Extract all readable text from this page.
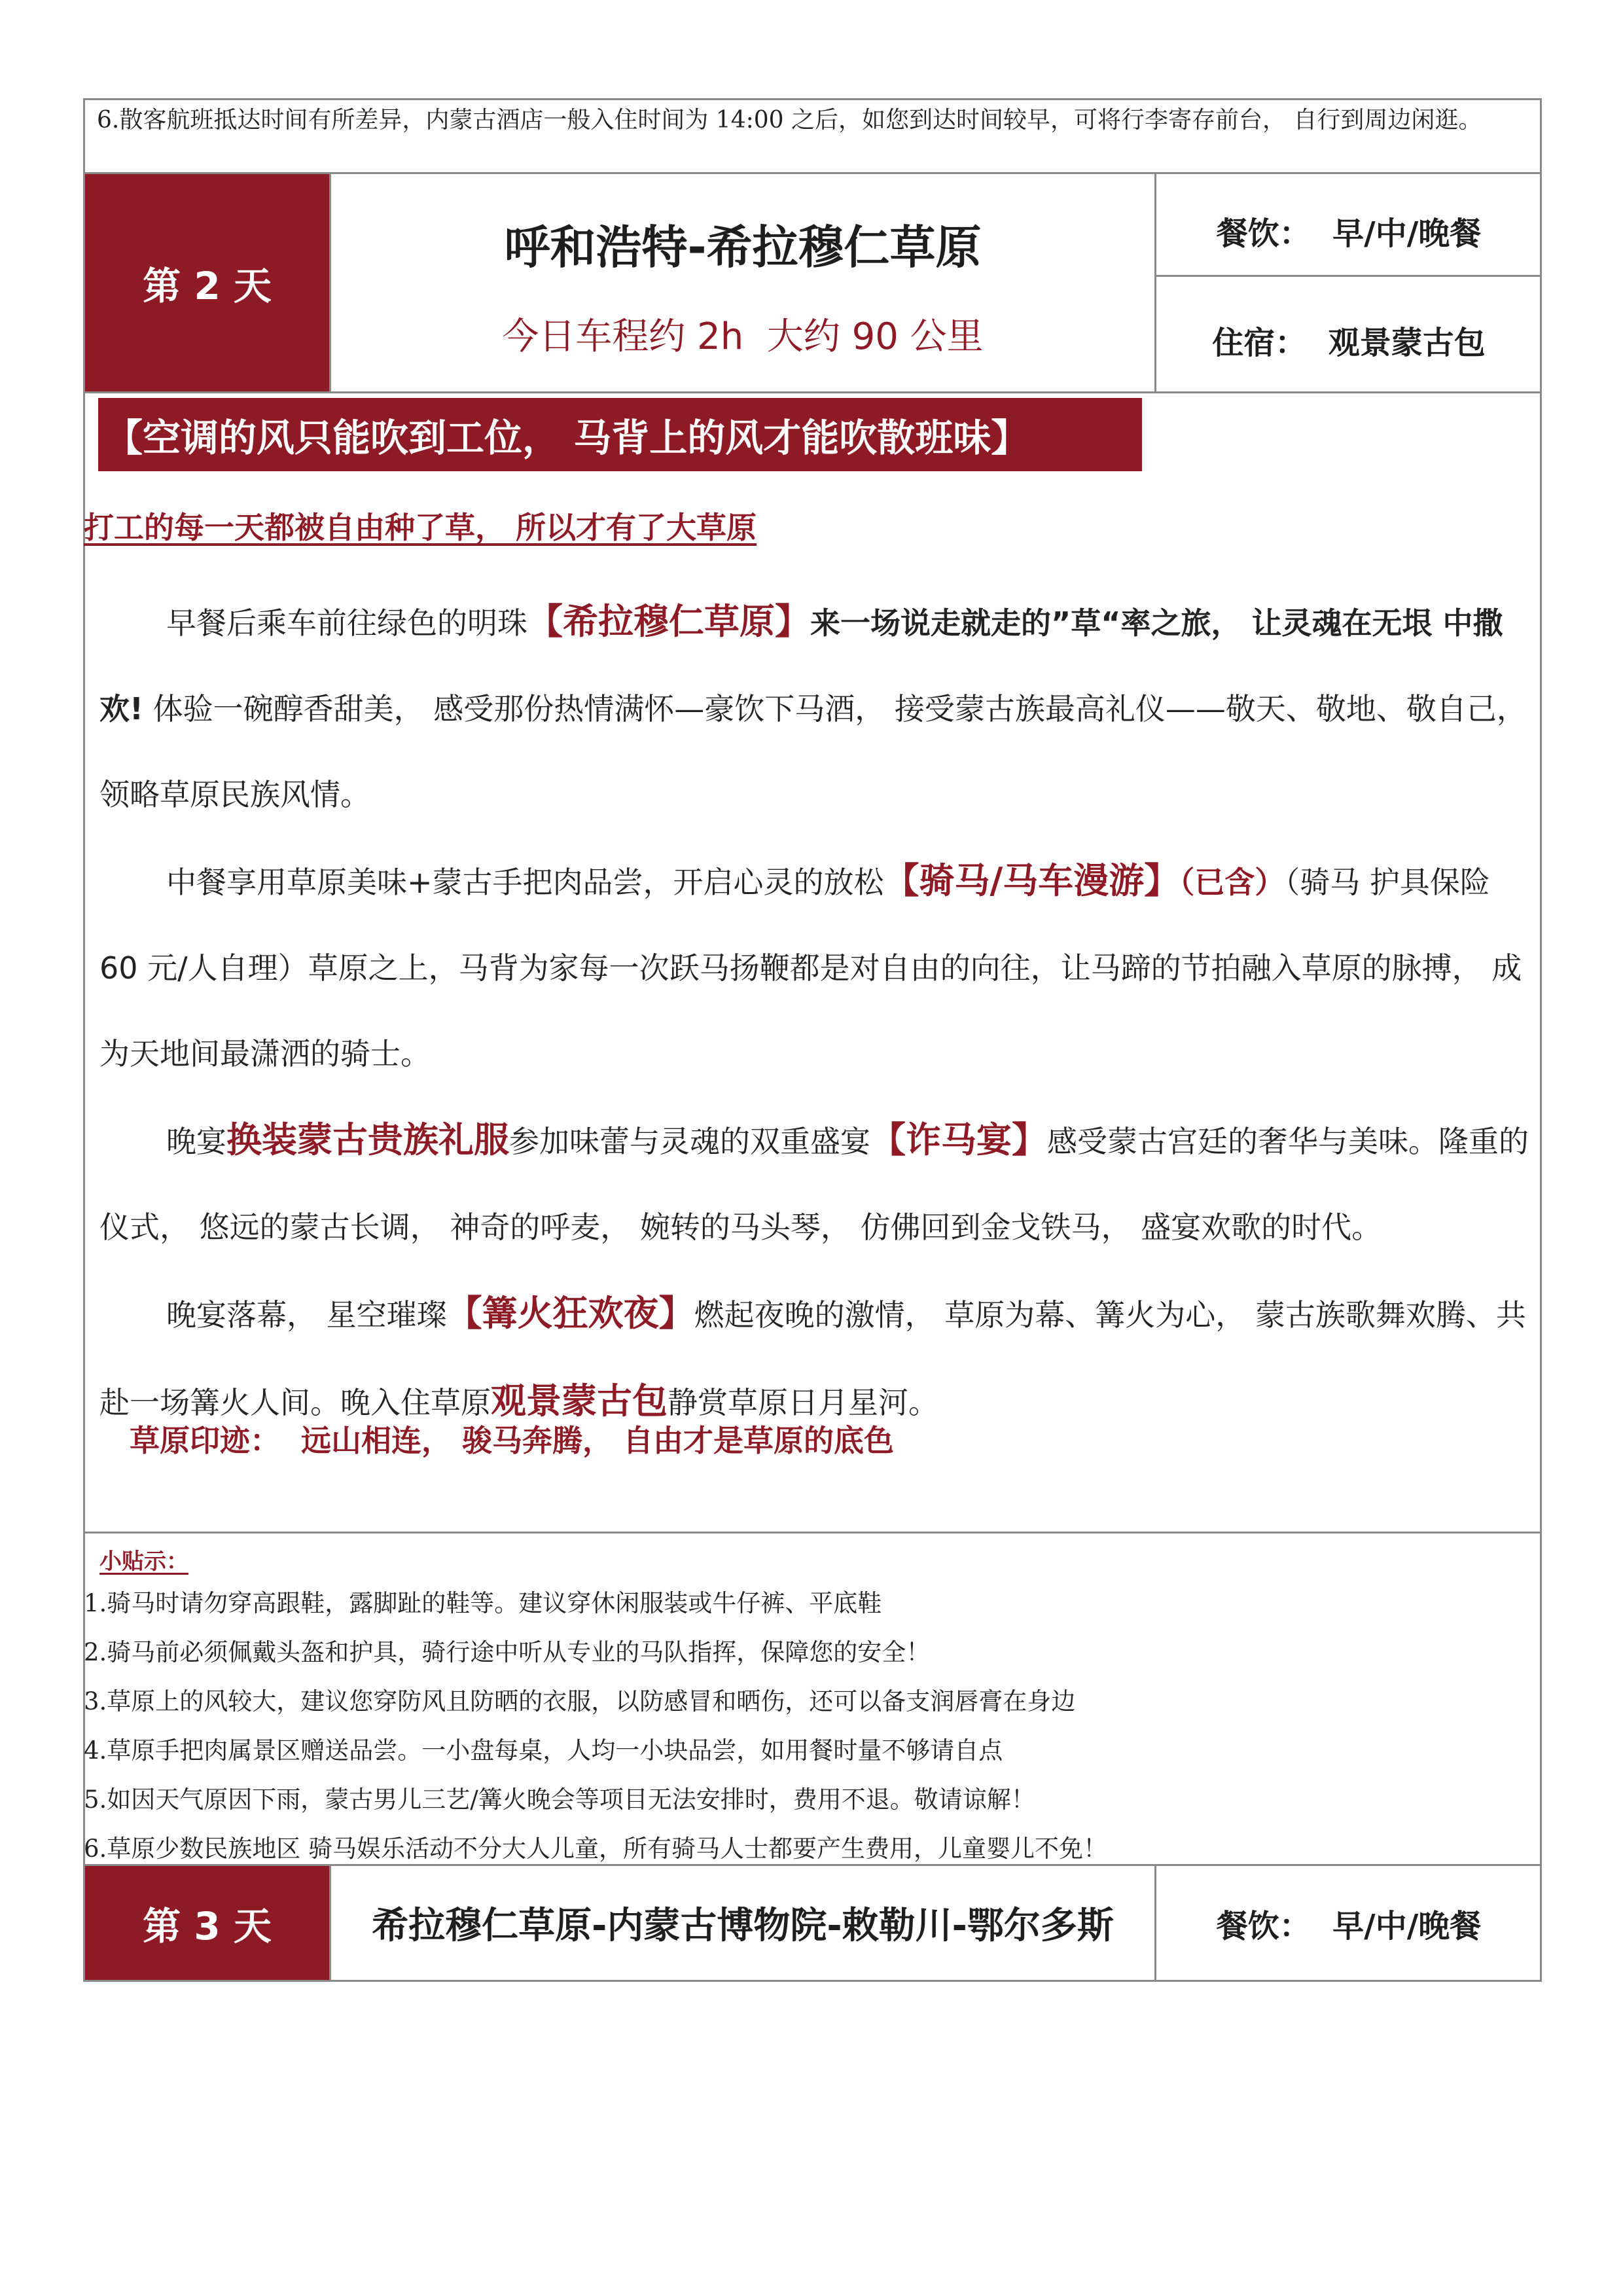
6.散客航班抵达时间有所差异，内蒙古酒店一般入住时间为 14:00 之后，如您到达时间较早，可将行李寄存前台， 自行到周边闲逛。
第 2 天
呼和浩特-希拉穆仁草原
今日车程约 2h  大约 90 公里
餐饮：  早/中/晚餐
住宿：  观景蒙古包
【空调的风只能吹到工位， 马背上的风才能吹散班味】
打工的每一天都被自由种了草， 所以才有了大草原

早餐后乘车前往绿色的明珠【希拉穆仁草原】来一场说走就走的”草“率之旅， 让灵魂在无垠 中撒欢! 体验一碗醇香甜美， 感受那份热情满怀—豪饮下马酒， 接受蒙古族最高礼仪——敬天、敬地、敬自己， 领略草原民族风情。

中餐享用草原美味+蒙古手把肉品尝，开启心灵的放松【骑马/马车漫游】（已含）（骑马 护具保险 60 元/人自理）草原之上，马背为家每一次跃马扬鞭都是对自由的向往，让马蹄的节拍融入草原的脉搏， 成为天地间最潇洒的骑士。

晚宴换装蒙古贵族礼服参加味蕾与灵魂的双重盛宴【诈马宴】感受蒙古宫廷的奢华与美味。隆重的仪式， 悠远的蒙古长调， 神奇的呼麦， 婉转的马头琴， 仿佛回到金戈铁马， 盛宴欢歌的时代。

晚宴落幕， 星空璀璨【篝火狂欢夜】燃起夜晚的激情， 草原为幕、篝火为心， 蒙古族歌舞欢腾、共赴一场篝火人间。晚入住草原观景蒙古包静赏草原日月星河。

草原印迹：  远山相连， 骏马奔腾， 自由才是草原的底色
小贴示：

1.骑马时请勿穿高跟鞋，露脚趾的鞋等。建议穿休闲服装或牛仔裤、平底鞋

2.骑马前必须佩戴头盔和护具，骑行途中听从专业的马队指挥，保障您的安全！

3.草原上的风较大，建议您穿防风且防晒的衣服，以防感冒和晒伤，还可以备支润唇膏在身边

4.草原手把肉属景区赠送品尝。一小盘每桌，人均一小块品尝，如用餐时量不够请自点

5.如因天气原因下雨，蒙古男儿三艺/篝火晚会等项目无法安排时，费用不退。敬请谅解！

6.草原少数民族地区 骑马娱乐活动不分大人儿童，所有骑马人士都要产生费用，儿童婴儿不免！

第 3 天	希拉穆仁草原-内蒙古博物院-敕勒川-鄂尔多斯	餐饮：  早/中/晚餐
